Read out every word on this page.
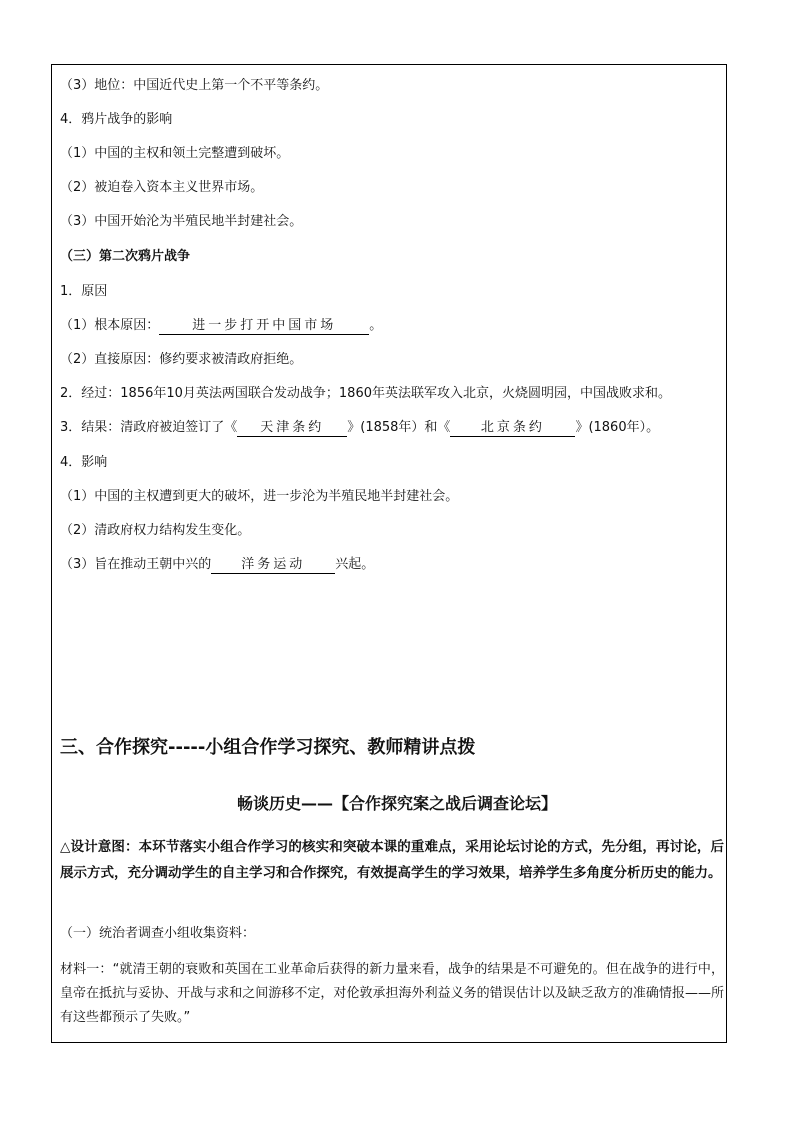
（3）地位：中国近代史上第一个不平等条约。
4．鸦片战争的影响
（1）中国的主权和领土完整遭到破坏。
（2）被迫卷入资本主义世界市场。
（3）中国开始沦为半殖民地半封建社会。
（三）第二次鸦片战争
1．原因
（1）根本原因：	进一步打开中国市场	。
（2）直接原因：修约要求被清政府拒绝。
2．经过：1856年10月英法两国联合发动战争；1860年英法联军攻入北京，火烧圆明园，中国战败求和。
3．结果：清政府被迫签订了《 天津条约 》(1858年）和《 北京条约 》(1860年）。
4．影响
（1）中国的主权遭到更大的破坏，进一步沦为半殖民地半封建社会。
（2）清政府权力结构发生变化。
（3）旨在推动王朝中兴的 洋务运动 兴起。
三、合作探究-----小组合作学习探究、教师精讲点拨
畅谈历史——【合作探究案之战后调查论坛】
△设计意图：本环节落实小组合作学习的核实和突破本课的重难点，采用论坛讨论的方式，先分组，再讨论，后展示方式，充分调动学生的自主学习和合作探究，有效提高学生的学习效果，培养学生多角度分析历史的能力。
（一）统治者调查小组收集资料：
材料一：“就清王朝的衰败和英国在工业革命后获得的新力量来看，战争的结果是不可避免的。但在战争的进行中，皇帝在抵抗与妥协、开战与求和之间游移不定，对伦敦承担海外利益义务的错误估计以及缺乏敌方的准确情报——所有这些都预示了失败。”
